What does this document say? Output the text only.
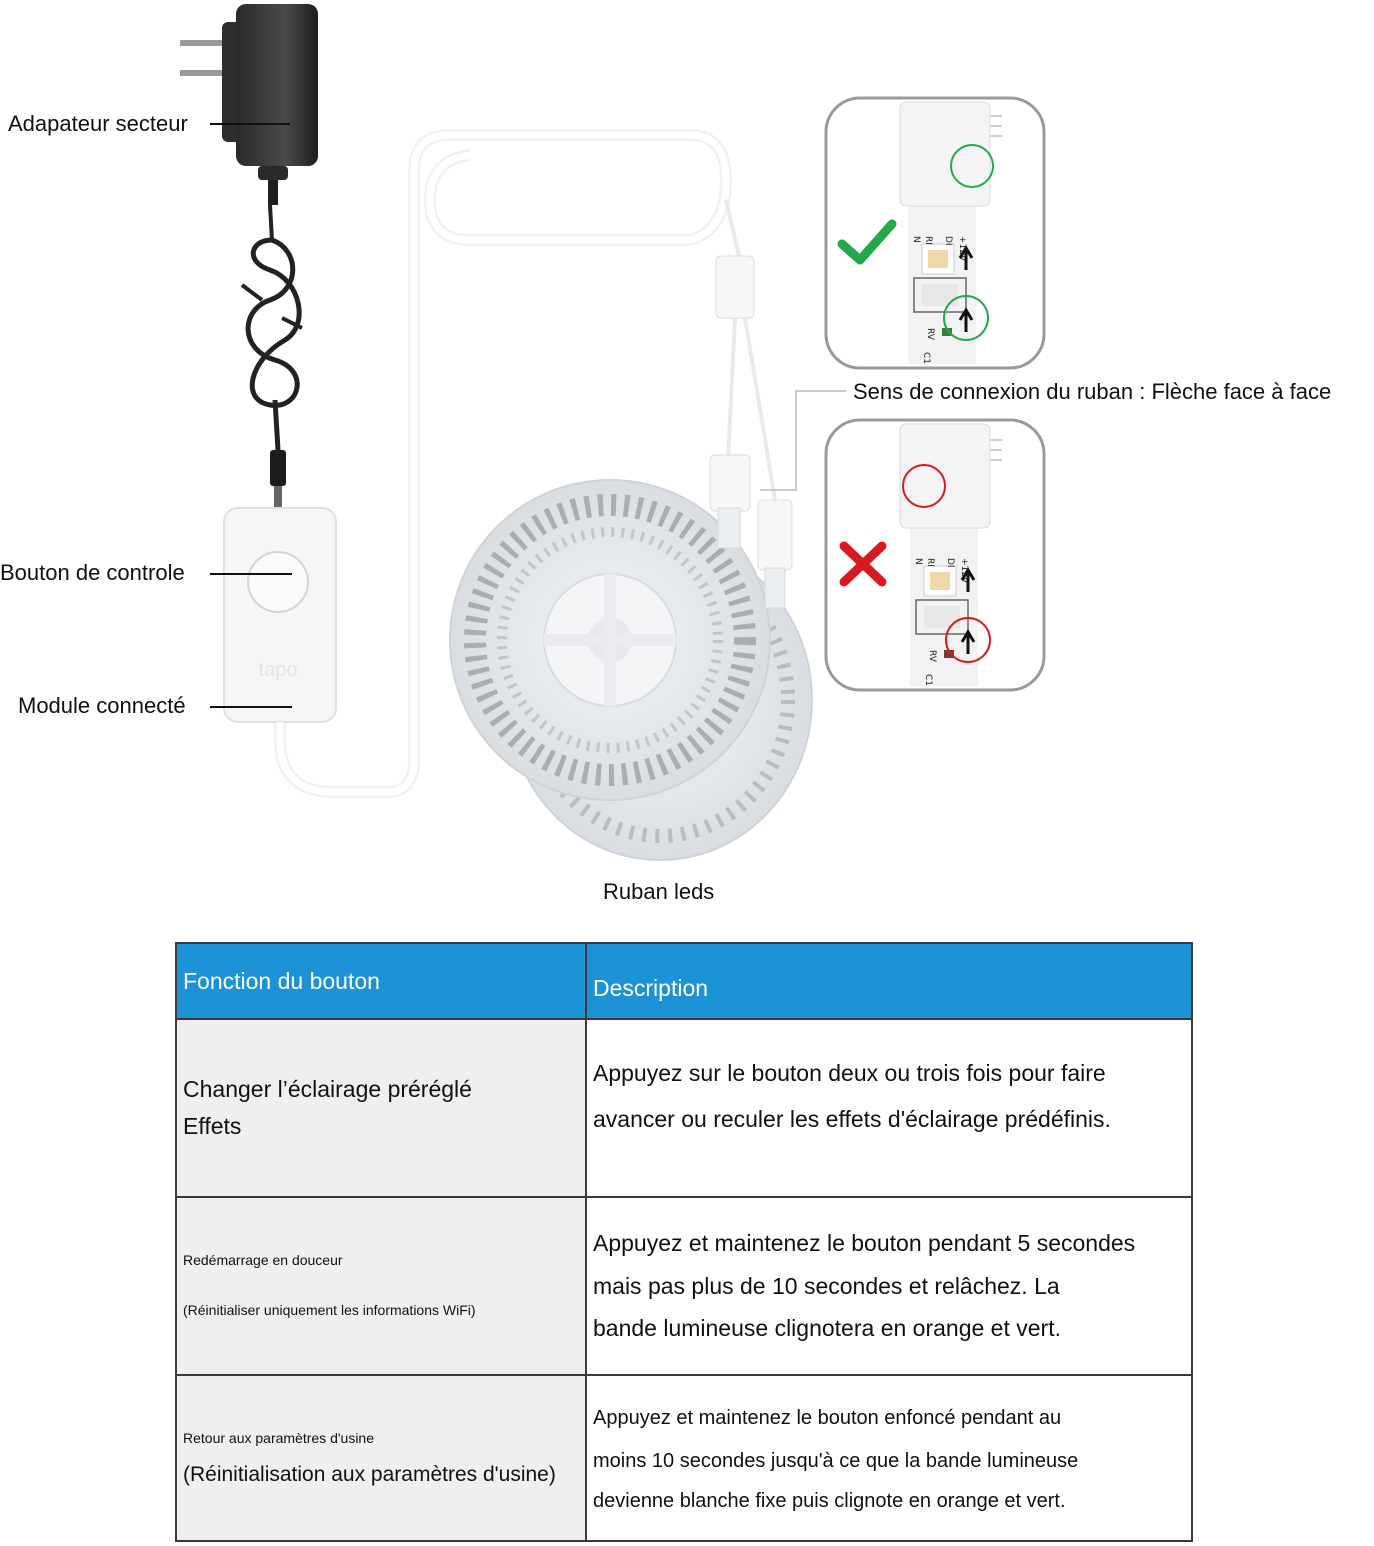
tapo
+12V
DI
RI
N
RV
C1
+12V
DI
RI
N
RV
C1
Adapateur secteur
Bouton de controle
Module connecté
Ruban leds
Sens de connexion du ruban : Flèche face à face
Fonction du bouton	Description

Changer l’éclairage préréglé
Effets	Appuyez sur le bouton deux ou trois fois pour faire
avancer ou reculer les effets d'éclairage prédéfinis.

Redémarrage en douceur
(Réinitialiser uniquement les informations WiFi)	Appuyez et maintenez le bouton pendant 5 secondes
mais pas plus de 10 secondes et relâchez. La
bande lumineuse clignotera en orange et vert.

Retour aux paramètres d'usine
(Réinitialisation aux paramètres d'usine)	Appuyez et maintenez le bouton enfoncé pendant au
moins 10 secondes jusqu'à ce que la bande lumineuse
devienne blanche fixe puis clignote en orange et vert.
